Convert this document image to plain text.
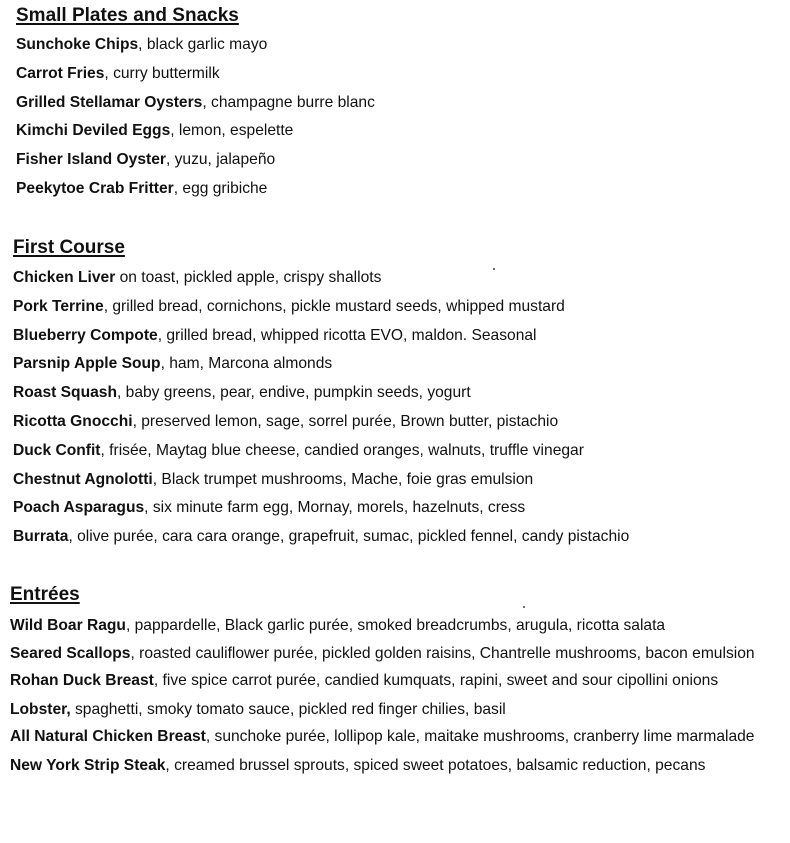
Small Plates and Snacks
Sunchoke Chips, black garlic mayo
Carrot Fries, curry buttermilk
Grilled Stellamar Oysters, champagne burre blanc
Kimchi Deviled Eggs, lemon, espelette
Fisher Island Oyster, yuzu, jalapeño
Peekytoe Crab Fritter, egg gribiche
First Course
Chicken Liver on toast, pickled apple, crispy shallots
Pork Terrine, grilled bread, cornichons, pickle mustard seeds, whipped mustard
Blueberry Compote, grilled bread, whipped ricotta EVO, maldon. Seasonal
Parsnip Apple Soup, ham, Marcona almonds
Roast Squash, baby greens, pear, endive, pumpkin seeds, yogurt
Ricotta Gnocchi, preserved lemon, sage, sorrel purée, Brown butter, pistachio
Duck Confit, frisée, Maytag blue cheese, candied oranges, walnuts, truffle vinegar
Chestnut Agnolotti, Black trumpet mushrooms, Mache, foie gras emulsion
Poach Asparagus, six minute farm egg, Mornay, morels, hazelnuts, cress
Burrata, olive purée, cara cara orange, grapefruit, sumac, pickled fennel, candy pistachio
Entrées
Wild Boar Ragu, pappardelle, Black garlic purée, smoked breadcrumbs, arugula, ricotta salata
Seared Scallops, roasted cauliflower purée, pickled golden raisins, Chantrelle mushrooms, bacon emulsion
Rohan Duck Breast, five spice carrot purée, candied kumquats, rapini, sweet and sour cipollini onions
Lobster, spaghetti, smoky tomato sauce, pickled red finger chilies, basil
All Natural Chicken Breast, sunchoke purée, lollipop kale, maitake mushrooms, cranberry lime marmalade
New York Strip Steak, creamed brussel sprouts, spiced sweet potatoes, balsamic reduction, pecans
